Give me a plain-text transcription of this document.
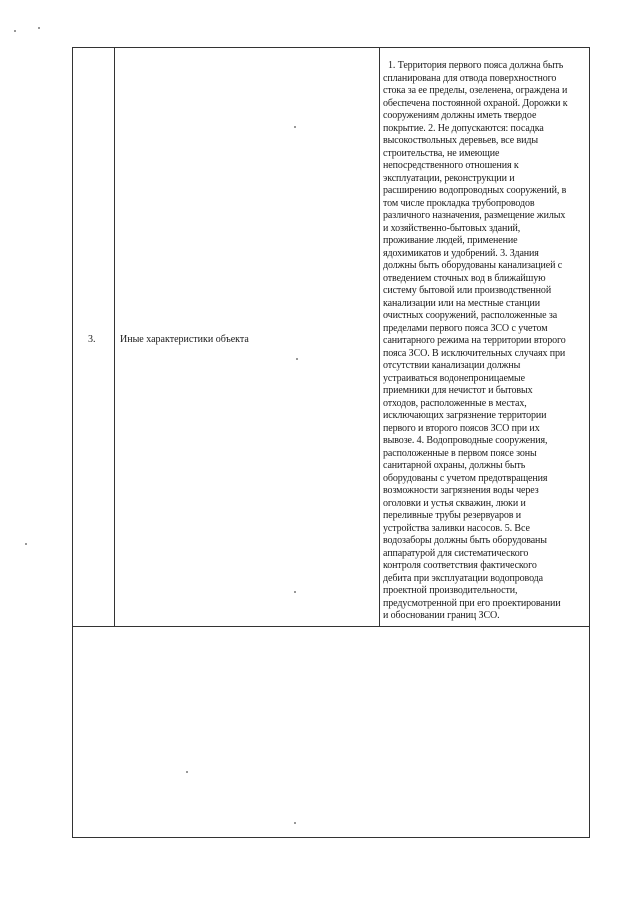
3. Иные характеристики объекта
1. Территория первого пояса должна быть
спланирована для отвода поверхностного
стока за ее пределы, озеленена, ограждена и
обеспечена постоянной охраной. Дорожки к
сооружениям должны иметь твердое
покрытие. 2. Не допускаются: посадка
высокоствольных деревьев, все виды
строительства, не имеющие
непосредственного отношения к
эксплуатации, реконструкции и
расширению водопроводных сооружений, в
том числе прокладка трубопроводов
различного назначения, размещение жилых
и хозяйственно-бытовых зданий,
проживание людей, применение
ядохимикатов и удобрений. 3. Здания
должны быть оборудованы канализацией с
отведением сточных вод в ближайшую
систему бытовой или производственной
канализации или на местные станции
очистных сооружений, расположенные за
пределами первого пояса ЗСО с учетом
санитарного режима на территории второго
пояса ЗСО. В исключительных случаях при
отсутствии канализации должны
устраиваться водонепроницаемые
приемники для нечистот и бытовых
отходов, расположенные в местах,
исключающих загрязнение территории
первого и второго поясов ЗСО при их
вывозе. 4. Водопроводные сооружения,
расположенные в первом поясе зоны
санитарной охраны, должны быть
оборудованы с учетом предотвращения
возможности загрязнения воды через
оголовки и устья скважин, люки и
переливные трубы резервуаров и
устройства заливки насосов. 5. Все
водозаборы должны быть оборудованы
аппаратурой для систематического
контроля соответствия фактического
дебита при эксплуатации водопровода
проектной производительности,
предусмотренной при его проектировании
и обосновании границ ЗСО.
